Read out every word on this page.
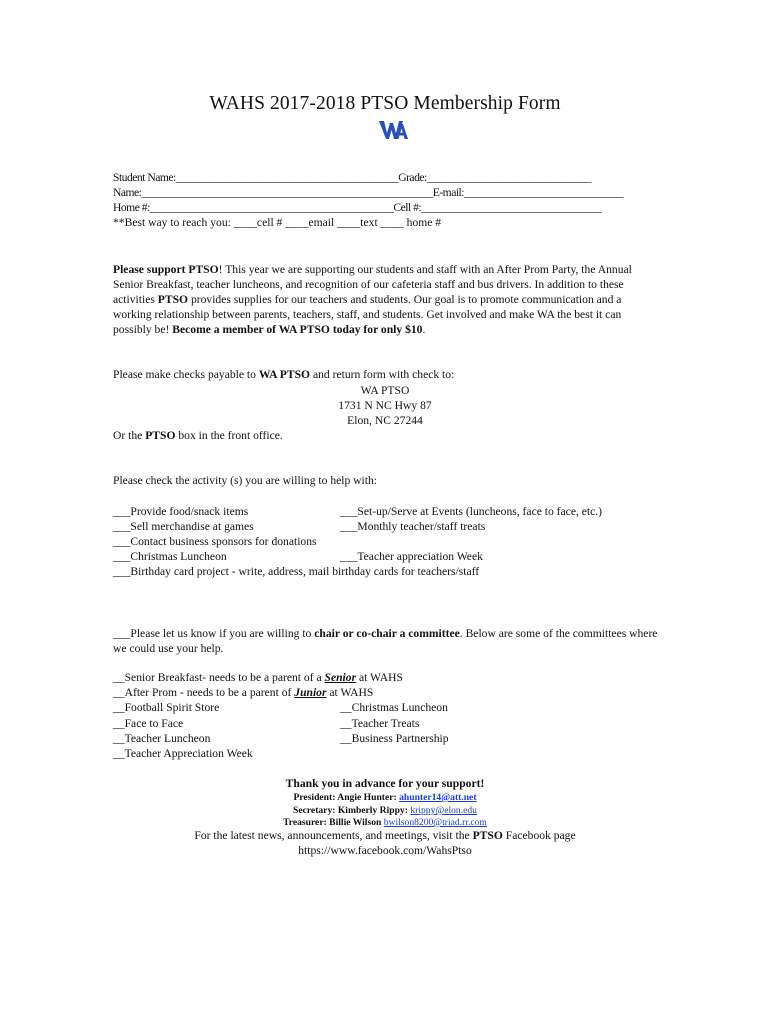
WAHS 2017-2018 PTSO Membership Form
Student Name:__________________________________________Grade:_______________________________
Name:_______________________________________________________E-mail:______________________________
Home #:______________________________________________Cell #:__________________________________
**Best way to reach you: ____cell # ____email ____text ____ home #
Please support PTSO! This year we are supporting our students and staff with an After Prom Party, the Annual Senior Breakfast, teacher luncheons, and recognition of our cafeteria staff and bus drivers. In addition to these activities PTSO provides supplies for our teachers and students. Our goal is to promote communication and a working relationship between parents, teachers, staff, and students. Get involved and make WA the best it can possibly be! Become a member of WA PTSO today for only $10.
Please make checks payable to WA PTSO and return form with check to:
WA PTSO
1731 N NC Hwy 87
Elon, NC 27244
Or the PTSO box in the front office.
Please check the activity (s) you are willing to help with:
___Provide food/snack items	___Set-up/Serve at Events (luncheons, face to face, etc.)
___Sell merchandise at games	___Monthly teacher/staff treats
___Contact business sponsors for donations
___Christmas Luncheon	___Teacher appreciation Week
___Birthday card project - write, address, mail birthday cards for teachers/staff
___Please let us know if you are willing to chair or co-chair a committee. Below are some of the committees where we could use your help.
__Senior Breakfast- needs to be a parent of a Senior at WAHS
__After Prom - needs to be a parent of Junior at WAHS
__Football Spirit Store	__Christmas Luncheon
__Face to Face	__Teacher Treats
__Teacher Luncheon	__Business Partnership
__Teacher Appreciation Week
Thank you in advance for your support!
President: Angie Hunter: ahunter14@att.net
Secretary: Kimberly Rippy: krippy@elon.edu
Treasurer: Billie Wilson bwilson8200@triad.rr.com
For the latest news, announcements, and meetings, visit the PTSO Facebook page
https://www.facebook.com/WahsPtso
